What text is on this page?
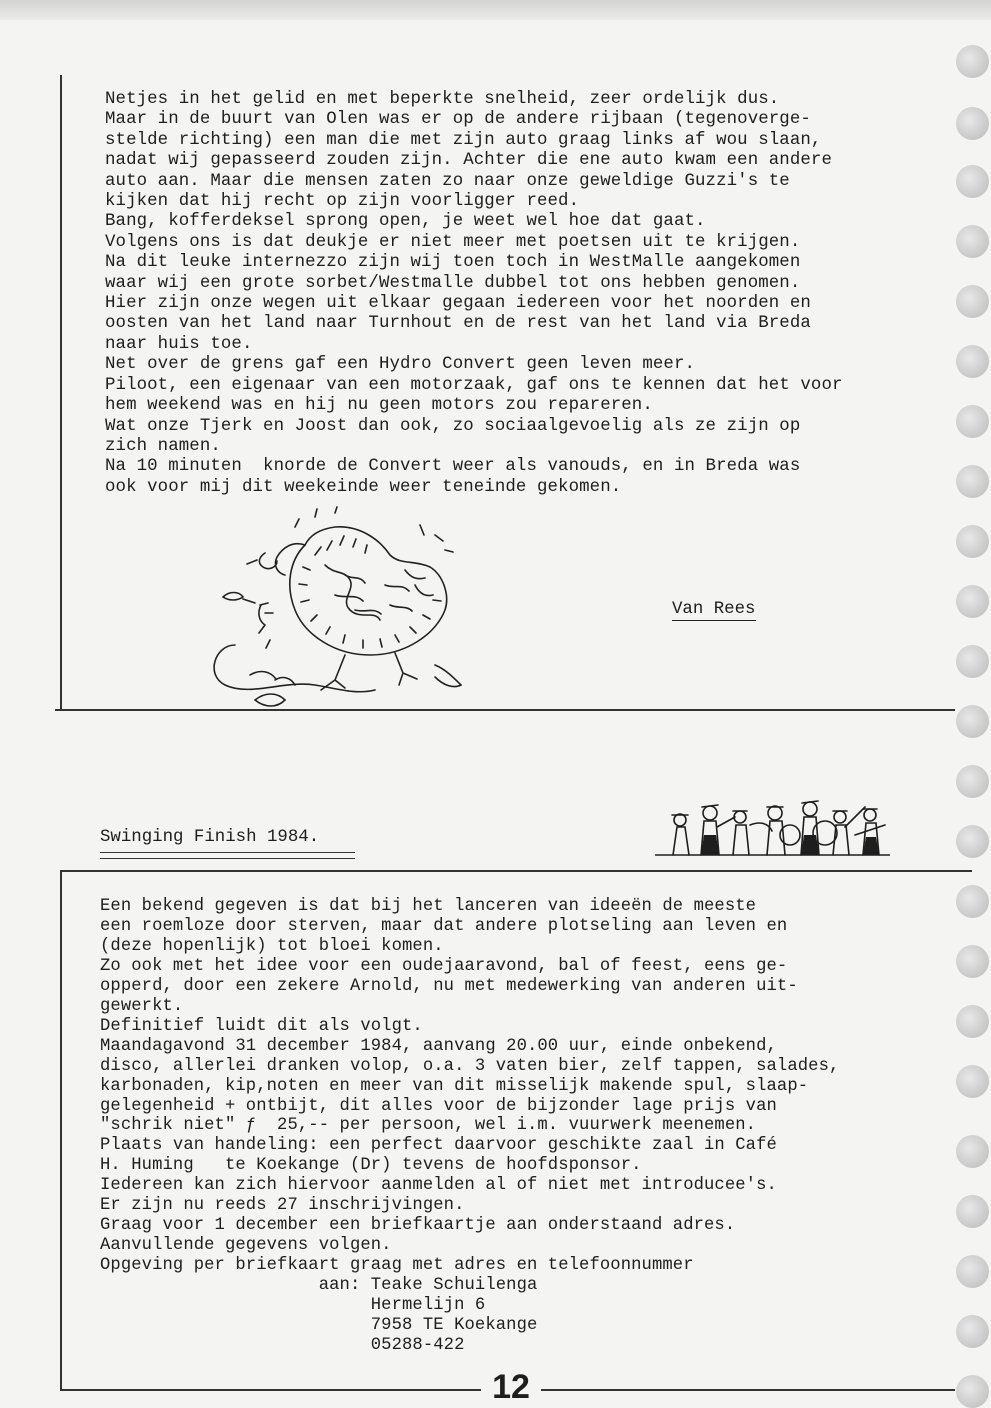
Netjes in het gelid en met beperkte snelheid, zeer ordelijk dus.
Maar in de buurt van Olen was er op de andere rijbaan (tegenoverge-
stelde richting) een man die met zijn auto graag links af wou slaan,
nadat wij gepasseerd zouden zijn. Achter die ene auto kwam een andere
auto aan. Maar die mensen zaten zo naar onze geweldige Guzzi's te
kijken dat hij recht op zijn voorligger reed.
Bang, kofferdeksel sprong open, je weet wel hoe dat gaat.
Volgens ons is dat deukje er niet meer met poetsen uit te krijgen.
Na dit leuke internezzo zijn wij toen toch in WestMalle aangekomen
waar wij een grote sorbet/Westmalle dubbel tot ons hebben genomen.
Hier zijn onze wegen uit elkaar gegaan iedereen voor het noorden en
oosten van het land naar Turnhout en de rest van het land via Breda
naar huis toe.
Net over de grens gaf een Hydro Convert geen leven meer.
Piloot, een eigenaar van een motorzaak, gaf ons te kennen dat het voor
hem weekend was en hij nu geen motors zou repareren.
Wat onze Tjerk en Joost dan ook, zo sociaalgevoelig als ze zijn op
zich namen.
Na 10 minuten  knorde de Convert weer als vanouds, en in Breda was
ook voor mij dit weekeinde weer teneinde gekomen.
Van Rees
Swinging Finish 1984.
Een bekend gegeven is dat bij het lanceren van ideeën de meeste
een roemloze door sterven, maar dat andere plotseling aan leven en
(deze hopenlijk) tot bloei komen.
Zo ook met het idee voor een oudejaaravond, bal of feest, eens ge-
opperd, door een zekere Arnold, nu met medewerking van anderen uit-
gewerkt.
Definitief luidt dit als volgt.
Maandagavond 31 december 1984, aanvang 20.00 uur, einde onbekend,
disco, allerlei dranken volop, o.a. 3 vaten bier, zelf tappen, salades,
karbonaden, kip,noten en meer van dit misselijk makende spul, slaap-
gelegenheid + ontbijt, dit alles voor de bijzonder lage prijs van
"schrik niet" ƒ  25,-- per persoon, wel i.m. vuurwerk meenemen.
Plaats van handeling: een perfect daarvoor geschikte zaal in Café
H. Huming   te Koekange (Dr) tevens de hoofdsponsor.
Iedereen kan zich hiervoor aanmelden al of niet met introducee's.
Er zijn nu reeds 27 inschrijvingen.
Graag voor 1 december een briefkaartje aan onderstaand adres.
Aanvullende gegevens volgen.
Opgeving per briefkaart graag met adres en telefoonnummer
aan: Teake Schuilenga
Hermelijn 6
7958 TE Koekange
05288-422
12
